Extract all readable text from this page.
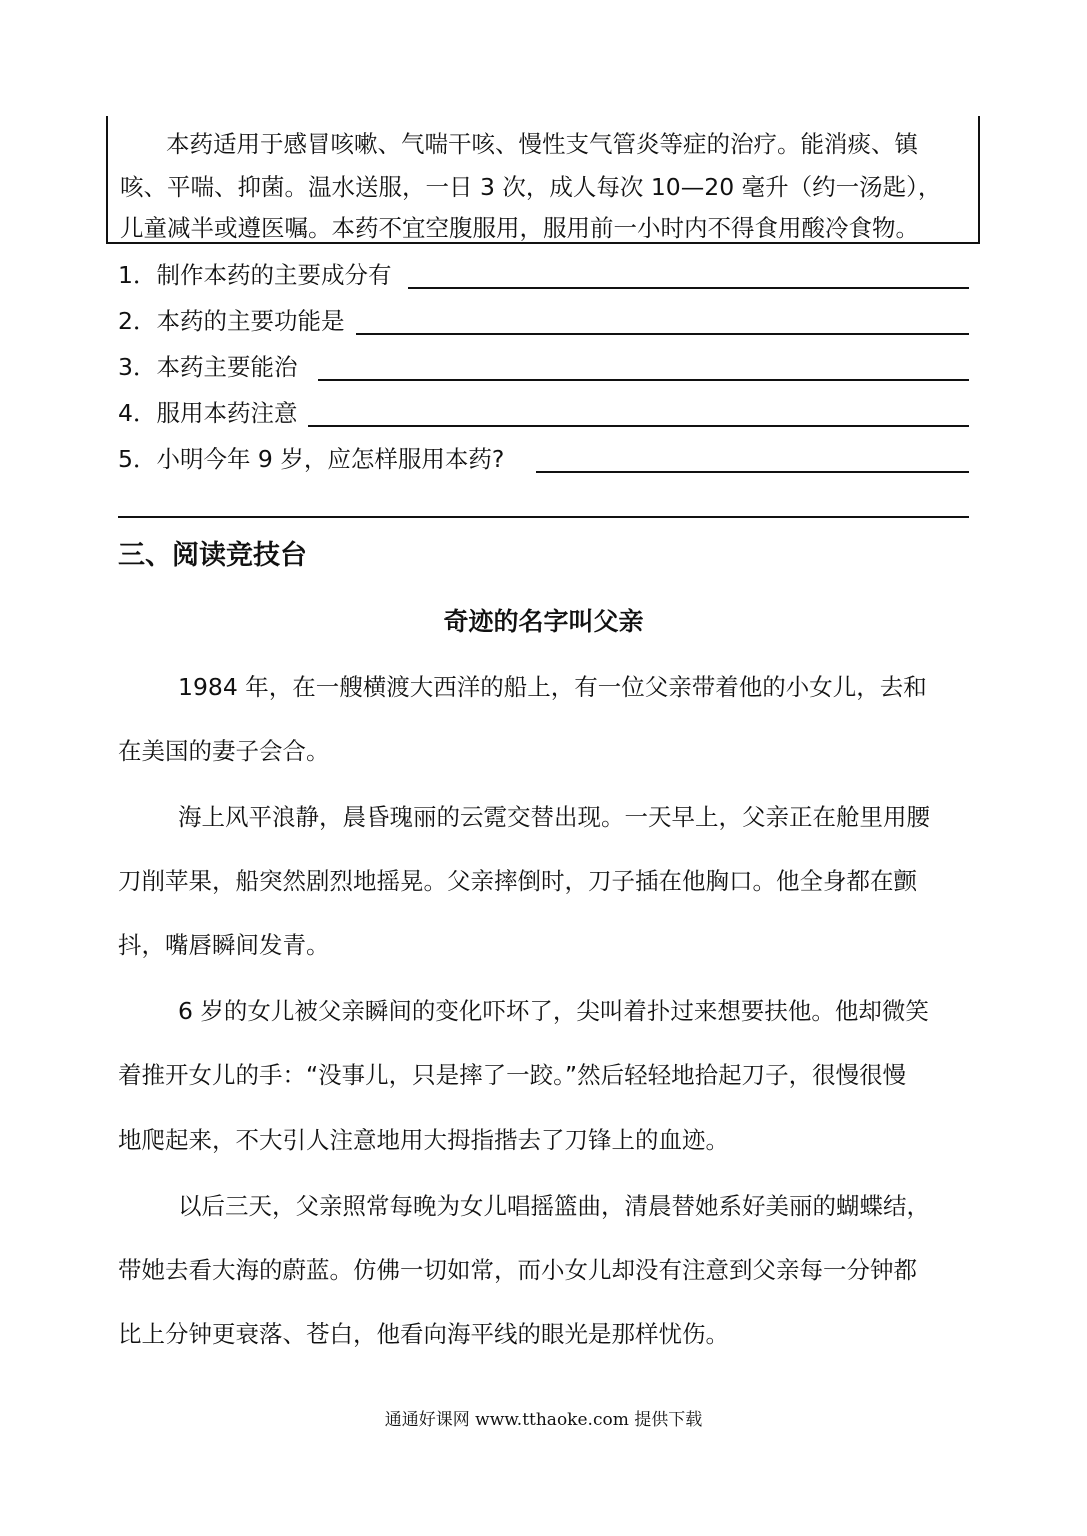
本药适用于感冒咳嗽、气喘干咳、慢性支气管炎等症的治疗。能消痰、镇
咳、平喘、抑菌。温水送服，一日 3 次，成人每次 10—20 毫升（约一汤匙），
儿童减半或遵医嘱。本药不宜空腹服用，服用前一小时内不得食用酸冷食物。
1．制作本药的主要成分有
2．本药的主要功能是
3．本药主要能治
4．服用本药注意
5．小明今年 9 岁，应怎样服用本药?
三、阅读竞技台
奇迹的名字叫父亲
1984 年，在一艘横渡大西洋的船上，有一位父亲带着他的小女儿，去和
在美国的妻子会合。
海上风平浪静，晨昏瑰丽的云霓交替出现。一天早上，父亲正在舱里用腰
刀削苹果，船突然剧烈地摇晃。父亲摔倒时，刀子插在他胸口。他全身都在颤
抖，嘴唇瞬间发青。
6 岁的女儿被父亲瞬间的变化吓坏了，尖叫着扑过来想要扶他。他却微笑
着推开女儿的手：“没事儿，只是摔了一跤。”然后轻轻地拾起刀子，很慢很慢
地爬起来，不大引人注意地用大拇指揩去了刀锋上的血迹。
以后三天，父亲照常每晚为女儿唱摇篮曲，清晨替她系好美丽的蝴蝶结，
带她去看大海的蔚蓝。仿佛一切如常，而小女儿却没有注意到父亲每一分钟都
比上分钟更衰落、苍白，他看向海平线的眼光是那样忧伤。
通通好课网 www.tthaoke.com 提供下载
